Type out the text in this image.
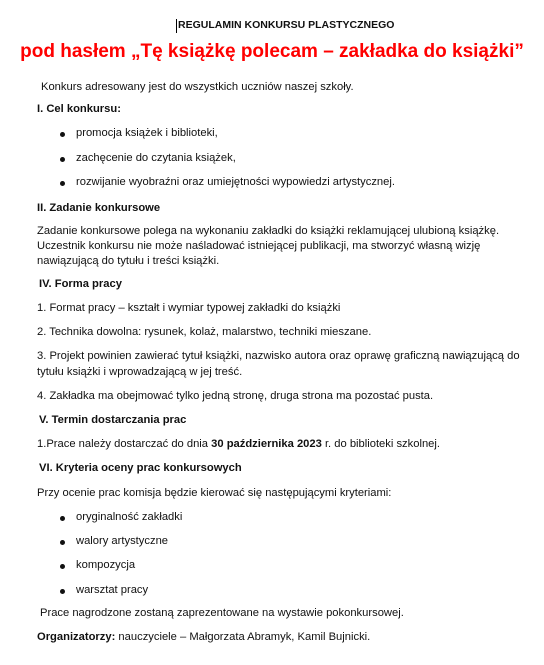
REGULAMIN KONKURSU PLASTYCZNEGO
pod hasłem „Tę książkę polecam – zakładka do książki”
Konkurs adresowany jest do wszystkich uczniów naszej szkoły.
I. Cel konkursu:
promocja książek i biblioteki,
zachęcenie do czytania książek,
rozwijanie wyobraźni oraz umiejętności wypowiedzi artystycznej.
II. Zadanie konkursowe
Zadanie konkursowe polega na wykonaniu zakładki do książki reklamującej ulubioną książkę.
Uczestnik konkursu nie może naśladować istniejącej publikacji, ma stworzyć własną wizję
nawiązującą do tytułu i treści książki.
IV. Forma pracy
1. Format pracy – kształt i wymiar typowej zakładki do książki
2. Technika dowolna: rysunek, kolaż, malarstwo, techniki mieszane.
3. Projekt powinien zawierać tytuł książki, nazwisko autora oraz oprawę graficzną nawiązującą do
tytułu książki i wprowadzającą w jej treść.
4. Zakładka ma obejmować tylko jedną stronę, druga strona ma pozostać pusta.
V. Termin dostarczania prac
1.Prace należy dostarczać do dnia 30 października 2023 r. do biblioteki szkolnej.
VI. Kryteria oceny prac konkursowych
Przy ocenie prac komisja będzie kierować się następującymi kryteriami:
oryginalność zakładki
walory artystyczne
kompozycja
warsztat pracy
Prace nagrodzone zostaną zaprezentowane na wystawie pokonkursowej.
Organizatorzy: nauczyciele – Małgorzata Abramyk, Kamil Bujnicki.
